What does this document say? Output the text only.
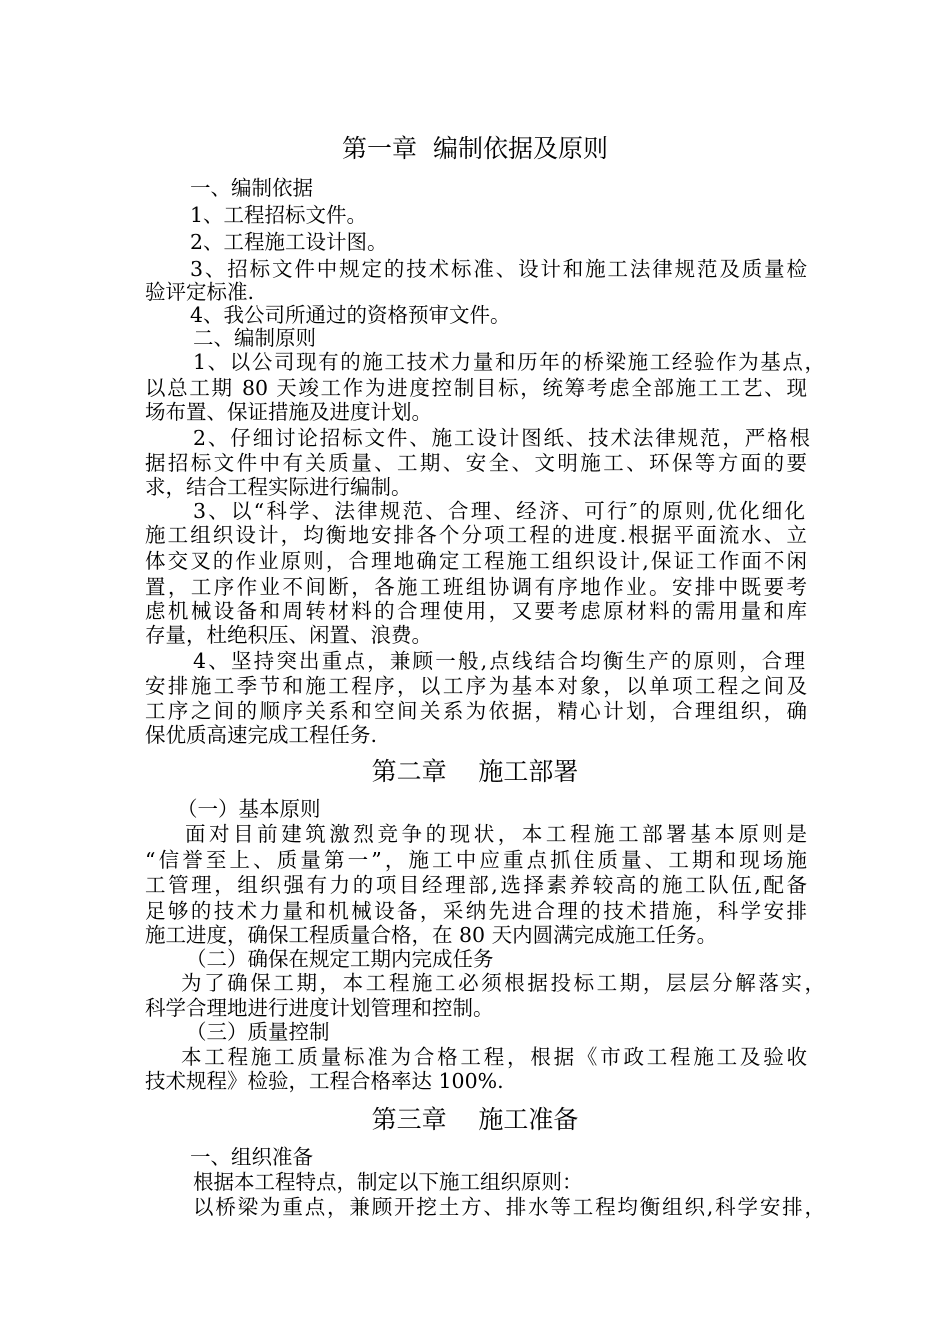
第一章  编制依据及原则
一、编制依据
1、工程招标文件。
2、工程施工设计图。
3、招标文件中规定的技术标准、设计和施工法律规范及质量检
验评定标准.
4、我公司所通过的资格预审文件。
二、编制原则
1、以公司现有的施工技术力量和历年的桥梁施工经验作为基点，
以总工期 80 天竣工作为进度控制目标，统筹考虑全部施工工艺、现
场布置、保证措施及进度计划。
2、仔细讨论招标文件、施工设计图纸、技术法律规范，严格根
据招标文件中有关质量、工期、安全、文明施工、环保等方面的要
求，结合工程实际进行编制。
3、以“科学、法律规范、合理、经济、可行″的原则,优化细化
施工组织设计，均衡地安排各个分项工程的进度.根据平面流水、立
体交叉的作业原则，合理地确定工程施工组织设计,保证工作面不闲
置，工序作业不间断，各施工班组协调有序地作业。安排中既要考
虑机械设备和周转材料的合理使用，又要考虑原材料的需用量和库
存量，杜绝积压、闲置、浪费。
4、坚持突出重点，兼顾一般,点线结合均衡生产的原则，合理
安排施工季节和施工程序，以工序为基本对象，以单项工程之间及
工序之间的顺序关系和空间关系为依据，精心计划，合理组织，确
保优质高速完成工程任务.
第二章    施工部署
（一）基本原则
面对目前建筑激烈竞争的现状，本工程施工部署基本原则是
“信誉至上、质量第一”，施工中应重点抓住质量、工期和现场施
工管理，组织强有力的项目经理部,选择素养较高的施工队伍,配备
足够的技术力量和机械设备，采纳先进合理的技术措施，科学安排
施工进度，确保工程质量合格，在 80 天内圆满完成施工任务。
（二）确保在规定工期内完成任务
为了确保工期，本工程施工必须根据投标工期，层层分解落实，
科学合理地进行进度计划管理和控制。
（三）质量控制
本工程施工质量标准为合格工程，根据《市政工程施工及验收
技术规程》检验，工程合格率达 100%.
第三章    施工准备
一、组织准备
根据本工程特点，制定以下施工组织原则：
以桥梁为重点，兼顾开挖土方、排水等工程均衡组织,科学安排，
